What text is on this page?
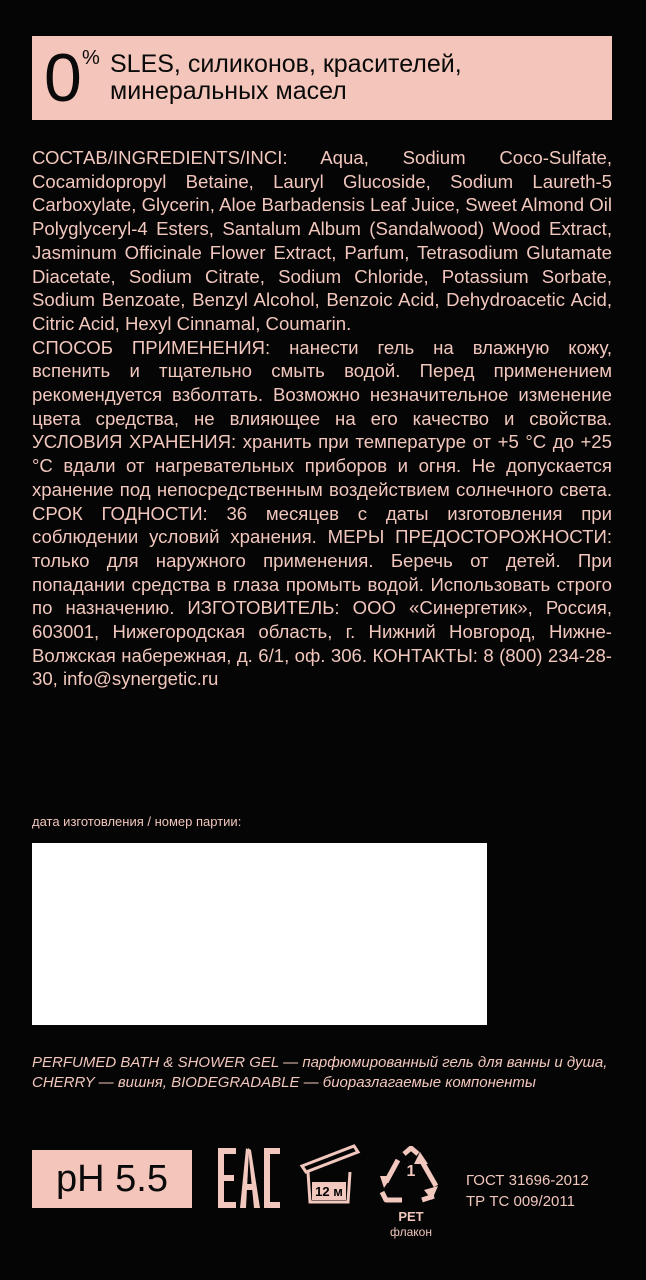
0 % SLES, силиконов, красителей, минеральных масел

СОСТАВ/INGREDIENTS/INCI: Aqua, Sodium Coco-Sulfate, Cocamidopropyl Betaine, Lauryl Glucoside, Sodium Laureth-5 Carboxylate, Glycerin, Aloe Barbadensis Leaf Juice, Sweet Almond Oil Polyglyceryl-4 Esters, Santalum Album (Sandalwood) Wood Extract, Jasminum Officinale Flower Extract, Parfum, Tetrasodium Glutamate Diacetate, Sodium Citrate, Sodium Chloride, Potassium Sorbate, Sodium Benzoate, Benzyl Alcohol, Benzoic Acid, Dehydroacetic Acid, Citric Acid, Hexyl Cinnamal, Coumarin.

СПОСОБ ПРИМЕНЕНИЯ: нанести гель на влажную кожу, вспенить и тщательно смыть водой. Перед применением рекомендуется взболтать. Возможно незначительное изменение цвета средства, не влияющее на его качество и свойства. УСЛОВИЯ ХРАНЕНИЯ: хранить при температуре от +5 °C до +25 °C вдали от нагревательных приборов и огня. Не допускается хранение под непосредственным воздействием солнечного света. СРОК ГОДНОСТИ: 36 месяцев с даты изготовления при соблюдении условий хранения. МЕРЫ ПРЕДОСТОРОЖНОСТИ: только для наружного применения. Беречь от детей. При попадании средства в глаза промыть водой. Использовать строго по назначению. ИЗГОТОВИТЕЛЬ: ООО «Синергетик», Россия, 603001, Нижегородская область, г. Нижний Новгород, Нижне-Волжская набережная, д. 6/1, оф. 306. КОНТАКТЫ: 8 (800) 234-28-30, info@synergetic.ru

дата изготовления / номер партии:
PERFUMED BATH & SHOWER GEL — парфюмированный гель для ванны и душа, CHERRY — вишня, BIODEGRADABLE — биоразлагаемые компоненты
pH 5.5	12 м
1
PET
флакон
ГОСТ 31696-2012
ТР ТС 009/2011
